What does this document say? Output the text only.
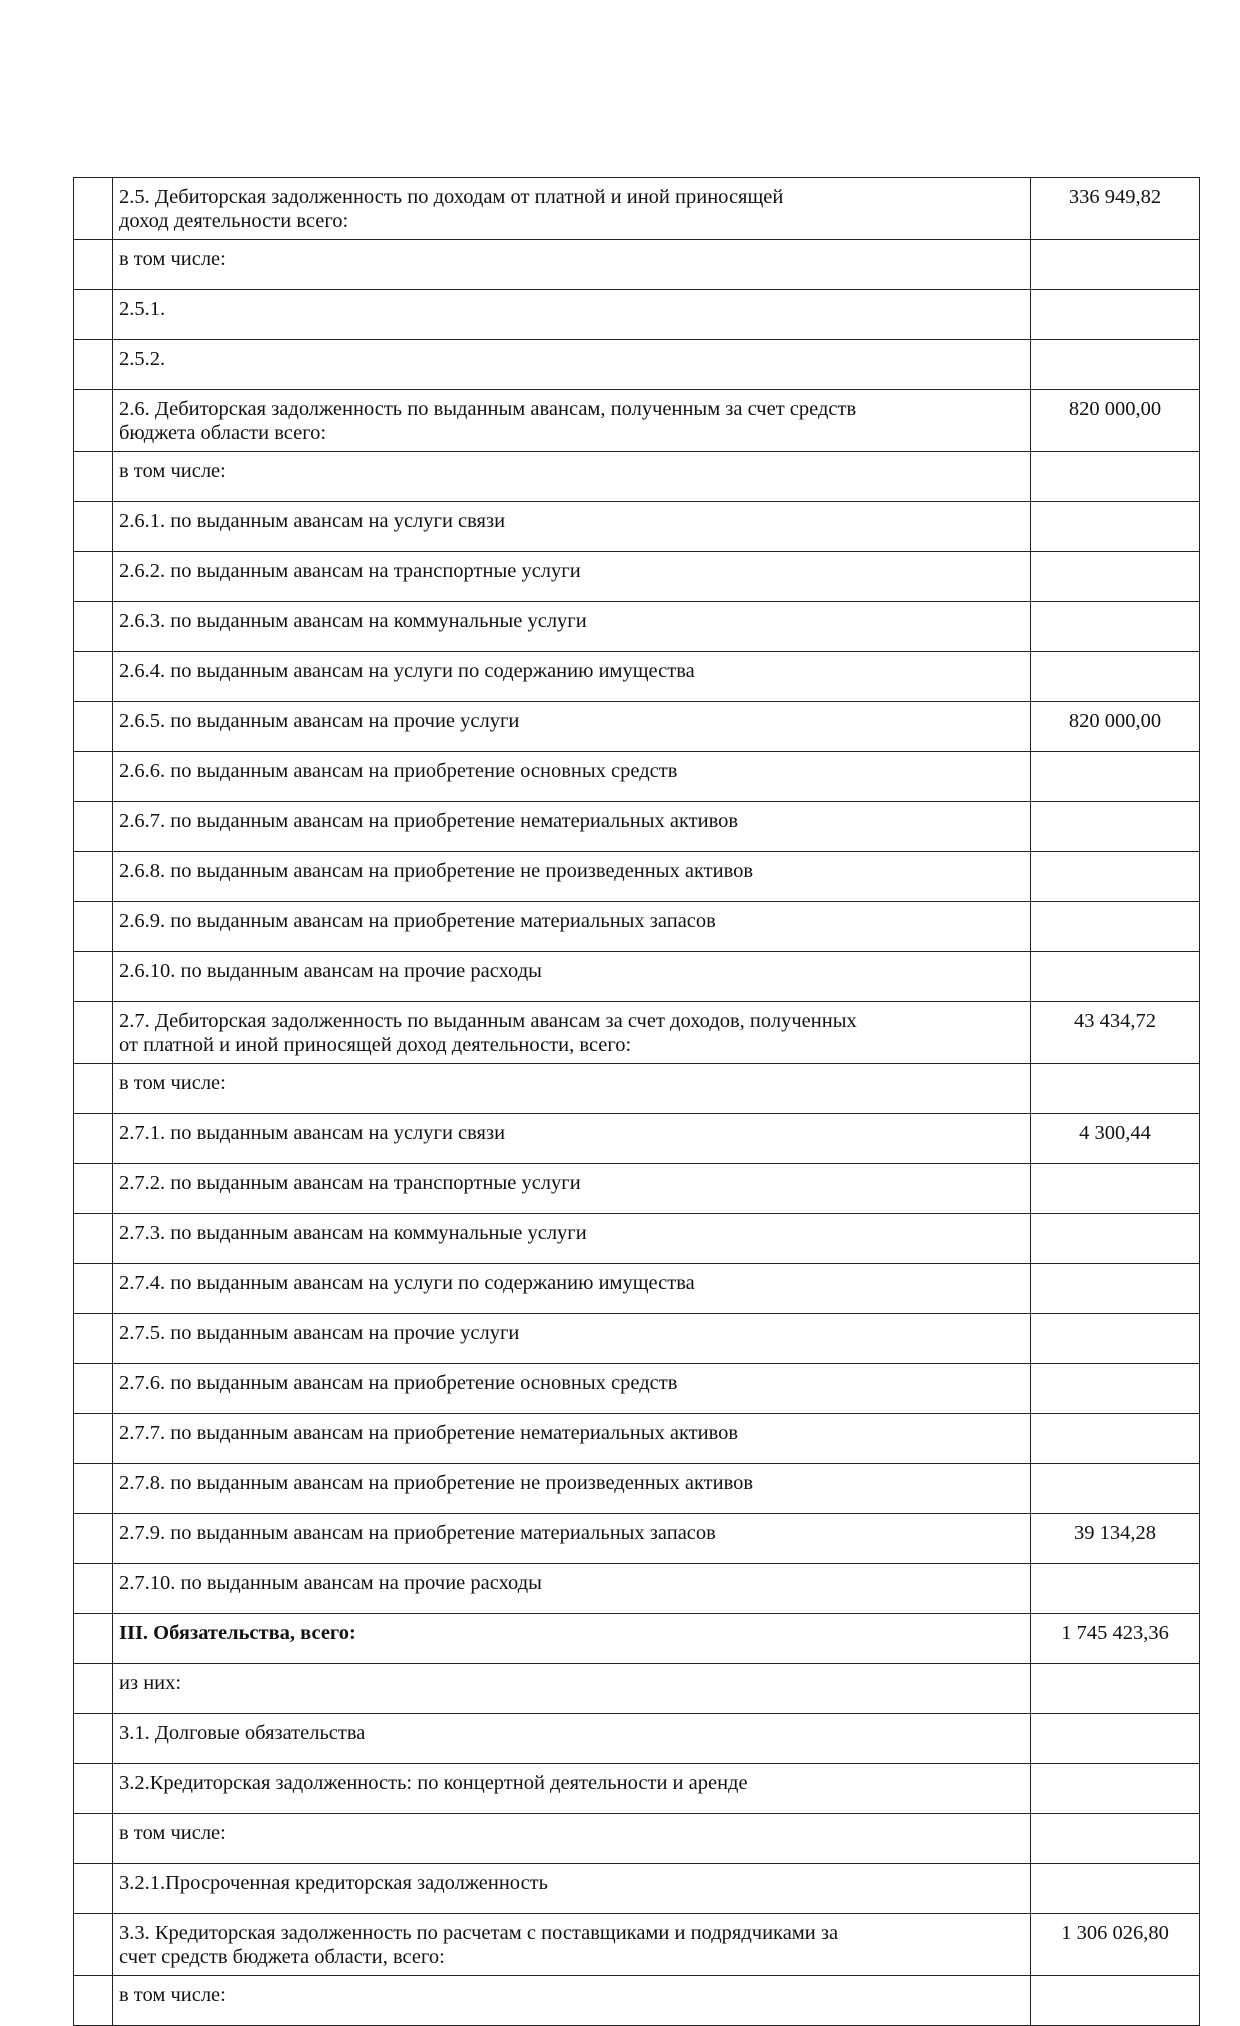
	2.5. Дебиторская задолженность по доходам от платной и иной приносящей
доход деятельности всего:	336 949,82

	в том числе:	

	2.5.1.	

	2.5.2.	

	2.6. Дебиторская задолженность по выданным авансам, полученным за счет средств
бюджета области всего:	820 000,00

	в том числе:	

	2.6.1. по выданным авансам на услуги связи	

	2.6.2. по выданным авансам на транспортные услуги	

	2.6.3. по выданным авансам на коммунальные услуги	

	2.6.4. по выданным авансам на услуги по содержанию имущества	

	2.6.5. по выданным авансам на прочие услуги	820 000,00

	2.6.6. по выданным авансам на приобретение основных средств	

	2.6.7. по выданным авансам на приобретение нематериальных активов	

	2.6.8. по выданным авансам на приобретение не произведенных активов	

	2.6.9. по выданным авансам на приобретение материальных запасов	

	2.6.10. по выданным авансам на прочие расходы	

	2.7. Дебиторская задолженность по выданным авансам за счет доходов, полученных
от платной и иной приносящей доход деятельности, всего:	43 434,72

	в том числе:	

	2.7.1. по выданным авансам на услуги связи	4 300,44

	2.7.2. по выданным авансам на транспортные услуги	

	2.7.3. по выданным авансам на коммунальные услуги	

	2.7.4. по выданным авансам на услуги по содержанию имущества	

	2.7.5. по выданным авансам на прочие услуги	

	2.7.6. по выданным авансам на приобретение основных средств	

	2.7.7. по выданным авансам на приобретение нематериальных активов	

	2.7.8. по выданным авансам на приобретение не произведенных активов	

	2.7.9. по выданным авансам на приобретение материальных запасов	39 134,28

	2.7.10. по выданным авансам на прочие расходы	

	III. Обязательства, всего:	1 745 423,36

	из них:	

	3.1. Долговые обязательства	

	3.2.Кредиторская задолженность: по концертной деятельности и аренде	

	в том числе:	

	3.2.1.Просроченная кредиторская задолженность	

	3.3. Кредиторская задолженность по расчетам с поставщиками и подрядчиками за
счет средств бюджета области, всего:	1 306 026,80

	в том числе:	
